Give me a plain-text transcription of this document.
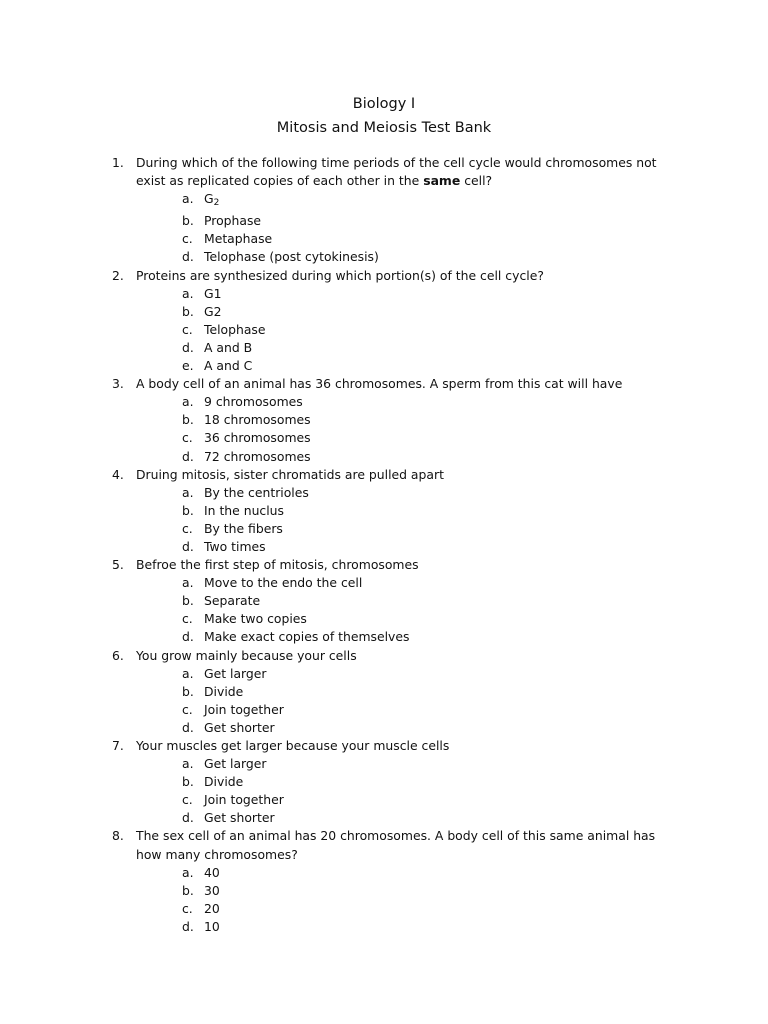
Biology I
Mitosis and Meiosis Test Bank
1. During which of the following time periods of the cell cycle would chromosomes not exist as replicated copies of each other in the same cell?
a. $G_2$
b. Prophase
c. Metaphase
d. Telophase (post cytokinesis)
2. Proteins are synthesized during which portion(s) of the cell cycle?
a. G1
b. G2
c. Telophase
d. A and B
e. A and C
3. A body cell of an animal has 36 chromosomes. A sperm from this cat will have
a. 9 chromosomes
b. 18 chromosomes
c. 36 chromosomes
d. 72 chromosomes
4. Druing mitosis, sister chromatids are pulled apart
a. By the centrioles
b. In the nuclus
c. By the fibers
d. Two times
5. Befroe the first step of mitosis, chromosomes
a. Move to the endo the cell
b. Separate
c. Make two copies
d. Make exact copies of themselves
6. You grow mainly because your cells
a. Get larger
b. Divide
c. Join together
d. Get shorter
7. Your muscles get larger because your muscle cells
a. Get larger
b. Divide
c. Join together
d. Get shorter
8. The sex cell of an animal has 20 chromosomes. A body cell of this same animal has how many chromosomes?
a. 40
b. 30
c. 20
d. 10
